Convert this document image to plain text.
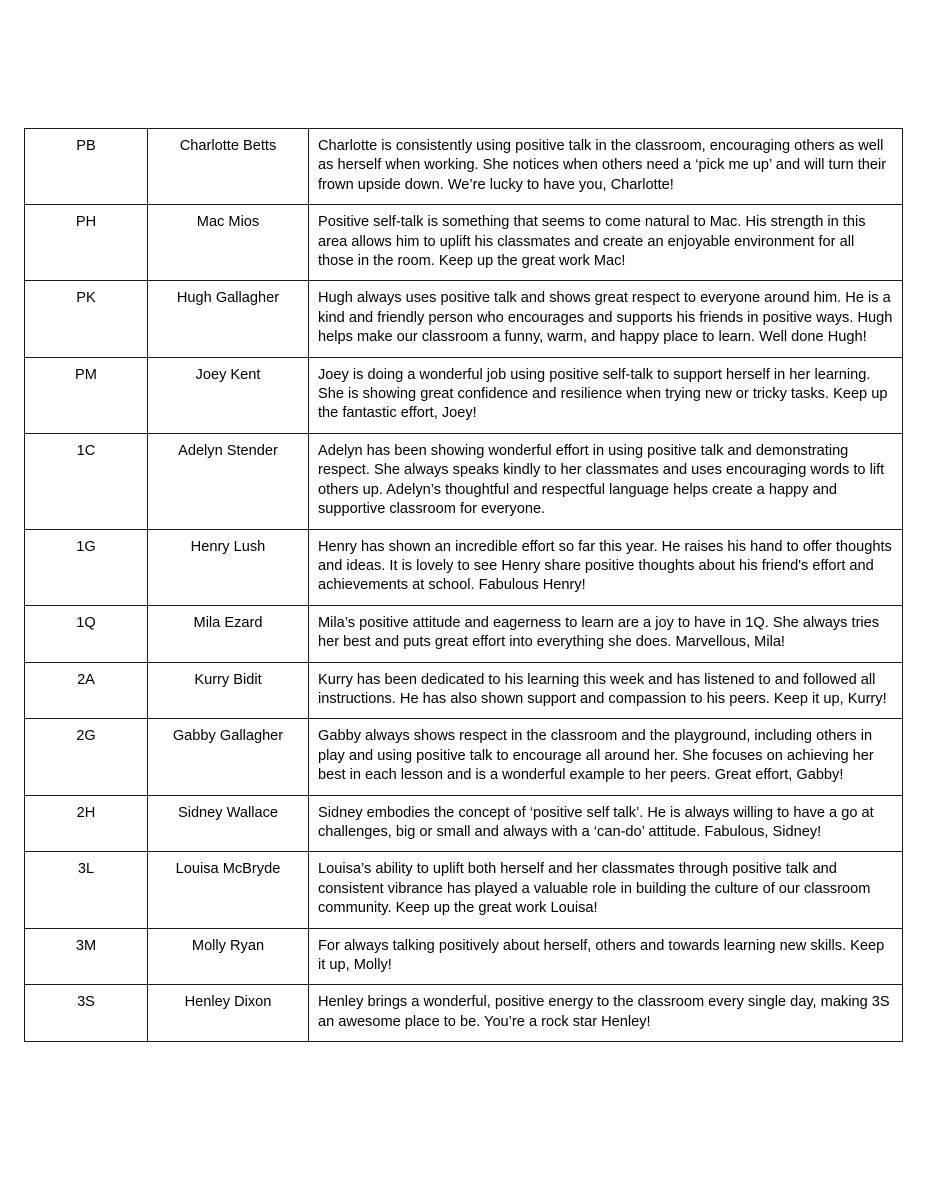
PB	Charlotte Betts	Charlotte is consistently using positive talk in the classroom, encouraging others as well as herself when working. She notices when others need a ‘pick me up’ and will turn their frown upside down. We’re lucky to have you, Charlotte!
PH	Mac Mios	Positive self-talk is something that seems to come natural to Mac. His strength in this area allows him to uplift his classmates and create an enjoyable environment for all those in the room. Keep up the great work Mac!
PK	Hugh Gallagher	Hugh always uses positive talk and shows great respect to everyone around him. He is a kind and friendly person who encourages and supports his friends in positive ways. Hugh helps make our classroom a funny, warm, and happy place to learn. Well done Hugh!
PM	Joey Kent	Joey is doing a wonderful job using positive self-talk to support herself in her learning. She is showing great confidence and resilience when trying new or tricky tasks. Keep up the fantastic effort, Joey!
1C	Adelyn Stender	Adelyn has been showing wonderful effort in using positive talk and demonstrating respect. She always speaks kindly to her classmates and uses encouraging words to lift others up. Adelyn’s thoughtful and respectful language helps create a happy and supportive classroom for everyone.
1G	Henry Lush	Henry has shown an incredible effort so far this year. He raises his hand to offer thoughts and ideas. It is lovely to see Henry share positive thoughts about his friend's effort and achievements at school. Fabulous Henry!
1Q	Mila Ezard	Mila’s positive attitude and eagerness to learn are a joy to have in 1Q. She always tries her best and puts great effort into everything she does. Marvellous, Mila!
2A	Kurry Bidit	Kurry has been dedicated to his learning this week and has listened to and followed all instructions. He has also shown support and compassion to his peers. Keep it up, Kurry!
2G	Gabby Gallagher	Gabby always shows respect in the classroom and the playground, including others in play and using positive talk to encourage all around her. She focuses on achieving her best in each lesson and is a wonderful example to her peers. Great effort, Gabby!
2H	Sidney Wallace	Sidney embodies the concept of ‘positive self talk’. He is always willing to have a go at challenges, big or small and always with a ‘can-do’ attitude. Fabulous, Sidney!
3L	Louisa McBryde	Louisa’s ability to uplift both herself and her classmates through positive talk and consistent vibrance has played a valuable role in building the culture of our classroom community. Keep up the great work Louisa!
3M	Molly Ryan	For always talking positively about herself, others and towards learning new skills. Keep it up, Molly!
3S	Henley Dixon	Henley brings a wonderful, positive energy to the classroom every single day, making 3S an awesome place to be. You’re a rock star Henley!
